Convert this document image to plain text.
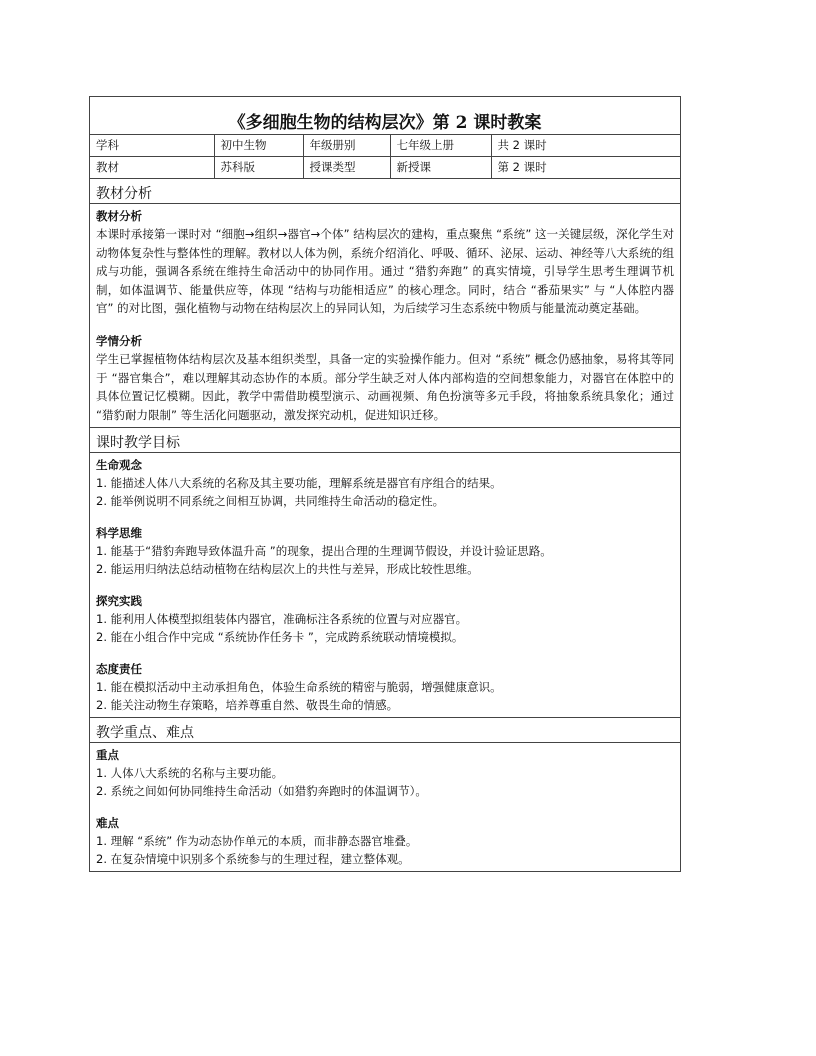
《多细胞生物的结构层次》第 2 课时教案
学科	初中生物	年级册别	七年级上册	共 2 课时
教材	苏科版	授课类型	新授课	第 2 课时
教材分析
教材分析
本课时承接第一课时对 “细胞→组织→器官→个体” 结构层次的建构，重点聚焦 “系统” 这一关键层级，深化学生对动物体复杂性与整体性的理解。教材以人体为例，系统介绍消化、呼吸、循环、泌尿、运动、神经等八大系统的组成与功能，强调各系统在维持生命活动中的协同作用。通过 “猎豹奔跑” 的真实情境，引导学生思考生理调节机制，如体温调节、能量供应等，体现 “结构与功能相适应” 的核心理念。同时，结合 “番茄果实” 与 “人体腔内器官” 的对比图，强化植物与动物在结构层次上的异同认知，为后续学习生态系统中物质与能量流动奠定基础。
学情分析
学生已掌握植物体结构层次及基本组织类型，具备一定的实验操作能力。但对 “系统” 概念仍感抽象，易将其等同于 “器官集合”，难以理解其动态协作的本质。部分学生缺乏对人体内部构造的空间想象能力，对器官在体腔中的具体位置记忆模糊。因此，教学中需借助模型演示、动画视频、角色扮演等多元手段，将抽象系统具象化；通过 “猎豹耐力限制” 等生活化问题驱动，激发探究动机，促进知识迁移。
课时教学目标
生命观念
1. 能描述人体八大系统的名称及其主要功能，理解系统是器官有序组合的结果。
2. 能举例说明不同系统之间相互协调，共同维持生命活动的稳定性。
科学思维
1. 能基于“猎豹奔跑导致体温升高 ”的现象，提出合理的生理调节假设，并设计验证思路。
2. 能运用归纳法总结动植物在结构层次上的共性与差异，形成比较性思维。
探究实践
1. 能利用人体模型拟组装体内器官，准确标注各系统的位置与对应器官。
2. 能在小组合作中完成 “系统协作任务卡 ”，完成跨系统联动情境模拟。
态度责任
1. 能在模拟活动中主动承担角色，体验生命系统的精密与脆弱，增强健康意识。
2. 能关注动物生存策略，培养尊重自然、敬畏生命的情感。
教学重点、难点
重点
1. 人体八大系统的名称与主要功能。
2. 系统之间如何协同维持生命活动（如猎豹奔跑时的体温调节）。
难点
1. 理解 “系统” 作为动态协作单元的本质，而非静态器官堆叠。
2. 在复杂情境中识别多个系统参与的生理过程，建立整体观。
